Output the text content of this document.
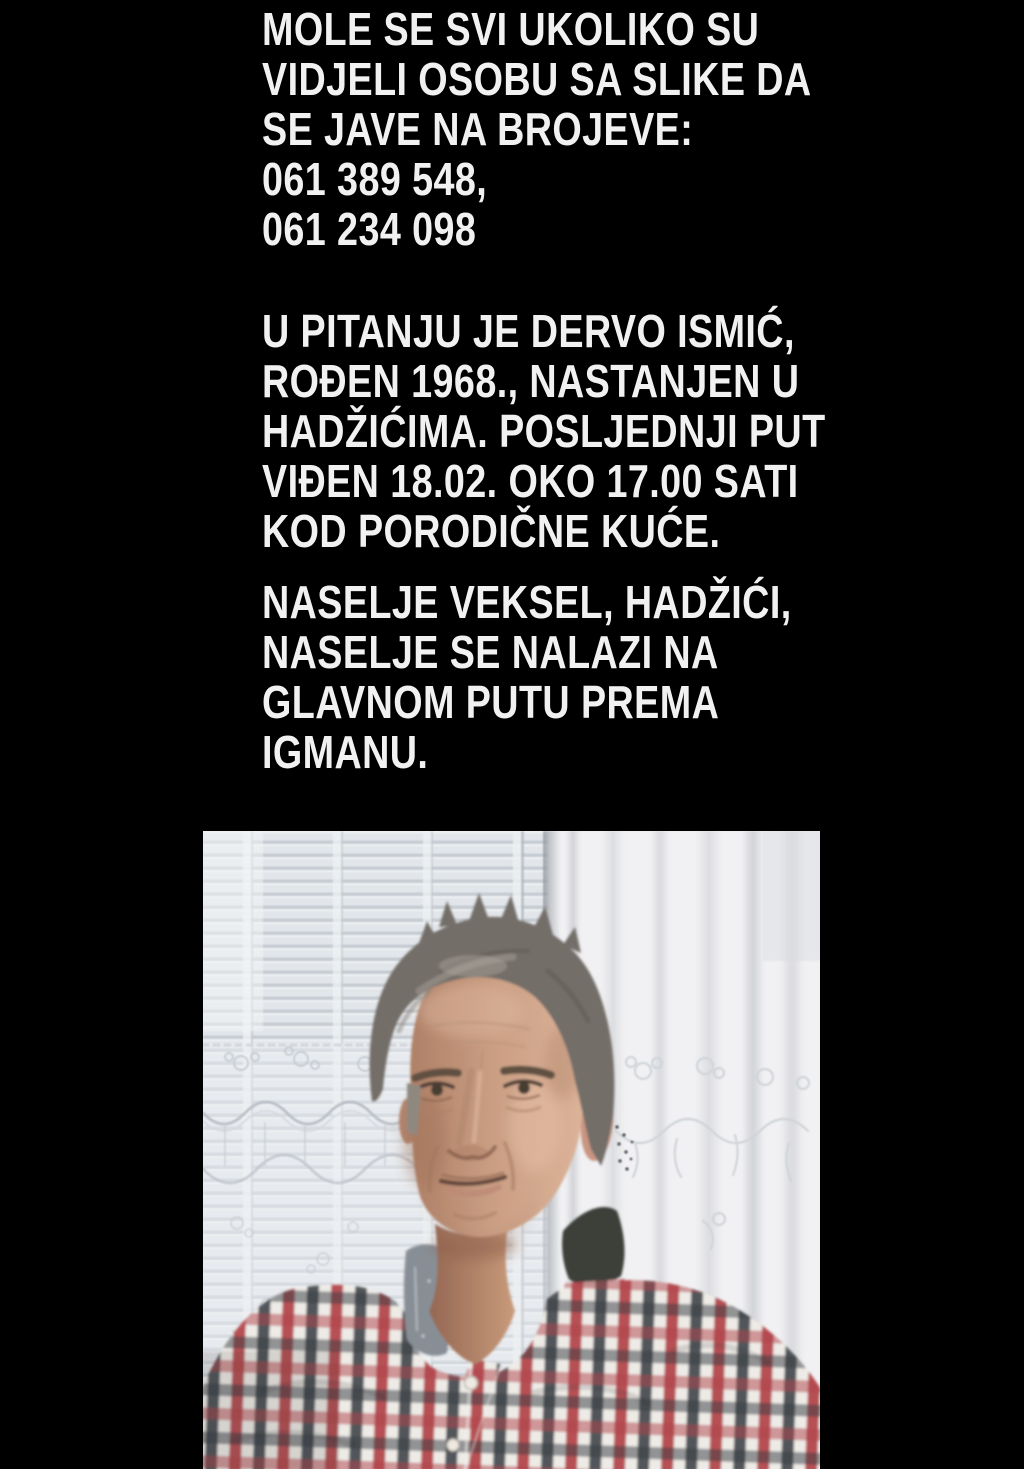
MOLE SE SVI UKOLIKO SU
VIDJELI OSOBU SA SLIKE DA
SE JAVE NA BROJEVE:
061 389 548,
061 234 098
U PITANJU JE DERVO ISMIĆ,
ROĐEN 1968., NASTANJEN U
HADŽIĆIMA. POSLJEDNJI PUT
VIĐEN 18.02. OKO 17.00 SATI
KOD PORODIČNE KUĆE.
NASELJE VEKSEL, HADŽIĆI,
NASELJE SE NALAZI NA
GLAVNOM PUTU PREMA
IGMANU.
